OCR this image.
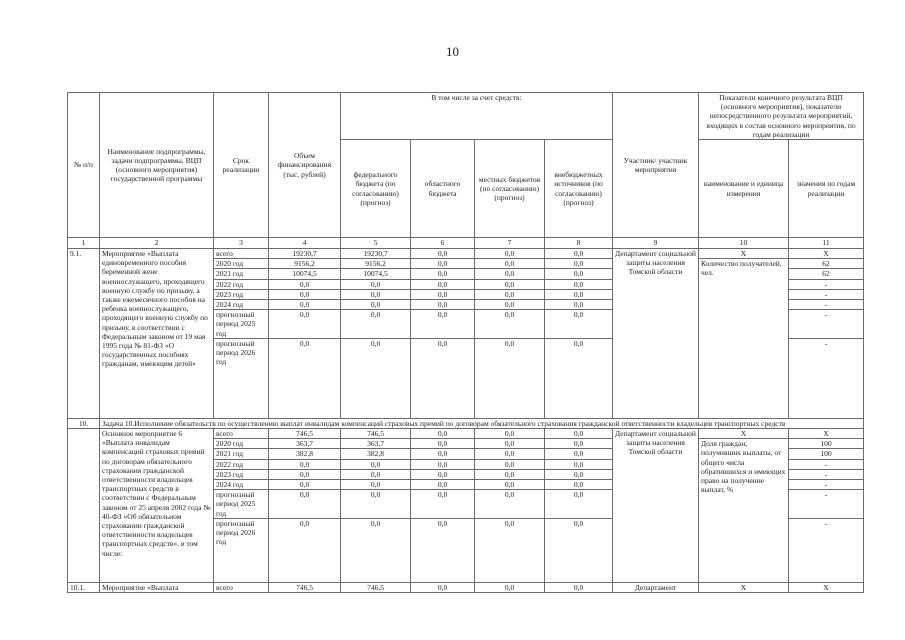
10
№ п/п	Наименование подпрограммы, задачи подпрограммы, ВЦП (основного мероприятия) государственной программы	Срок реализации	Объем финансирования (тыс. рублей)	В том числе за счет средств:				Участник/ участник мероприятия	Показатели конечного результата ВЦП (основного мероприятия), показатели непосредственного результата мероприятий, входящих в состав основного мероприятия, по годам реализации	
				федерального бюджета (по согласованию) (прогноз)	областного бюджета	местных бюджетов (по согласованию) (прогноз)	внебюджетных источников (по согласованию) (прогноз)		наименование и единица измерения	значения по годам реализации
1	2	3	4	5	6	7	8	9	10	11
9.1.	Мероприятие «Выплата единовременного пособия беременной жене военнослужащего, проходящего военную службу по призыву, а также ежемесячного пособия на ребенка военнослужащего, проходящего военную службу по призыву, в соответствии с Федеральным законом от 19 мая 1995 года № 81-ФЗ «О государственных пособиях гражданам, имеющим детей»	всего	19230,7	19230,7	0,0	0,0	0,0	Департамент социальной защиты населения Томской области	X	X
		2020 год	9156,2	9156,2	0,0	0,0	0,0		Количество получателей, чел.	62
		2021 год	10074,5	10074,5	0,0	0,0	0,0			62
		2022 год	0,0	0,0	0,0	0,0	0,0			-
		2023 год	0,0	0,0	0,0	0,0	0,0			-
		2024 год	0,0	0,0	0,0	0,0	0,0			-
		прогнозный период 2025 год	0,0	0,0	0,0	0,0	0,0			-
		прогнозный период 2026 год	0,0	0,0	0,0	0,0	0,0			-
10.	Задача 10.Исполнение обязательств по осуществлению выплат инвалидам компенсаций страховых премий по договорам обязательного страхования гражданской ответственности владельцев транспортных средств									
	Основное мероприятие 6 «Выплата инвалидам компенсаций страховых премий по договорам обязательного страхования гражданской ответственности владельцев транспортных средств в соответствии с Федеральным законом от 25 апреля 2002 года № 40-ФЗ «Об обязательном страховании гражданской ответственности владельцев транспортных средств», в том числе:	всего	746,5	746,5	0,0	0,0	0,0	Департамент социальной защиты населения Томской области	X	X
		2020 год	363,7	363,7	0,0	0,0	0,0		Доля граждан, получивших выплаты, от общего числа обратившихся и имеющих право на получение выплат, %	100
		2021 год	382,8	382,8	0,0	0,0	0,0			100
		2022 год	0,0	0,0	0,0	0,0	0,0			-
		2023 год	0,0	0,0	0,0	0,0	0,0			-
		2024 год	0,0	0,0	0,0	0,0	0,0			-
		прогнозный период 2025 год	0,0	0,0	0,0	0,0	0,0			-
		прогнозный период 2026 год	0,0	0,0	0,0	0,0	0,0			-
10.1.	Мероприятие «Выплата	всего	746,5	746,5	0,0	0,0	0,0	Департамент	X	X
